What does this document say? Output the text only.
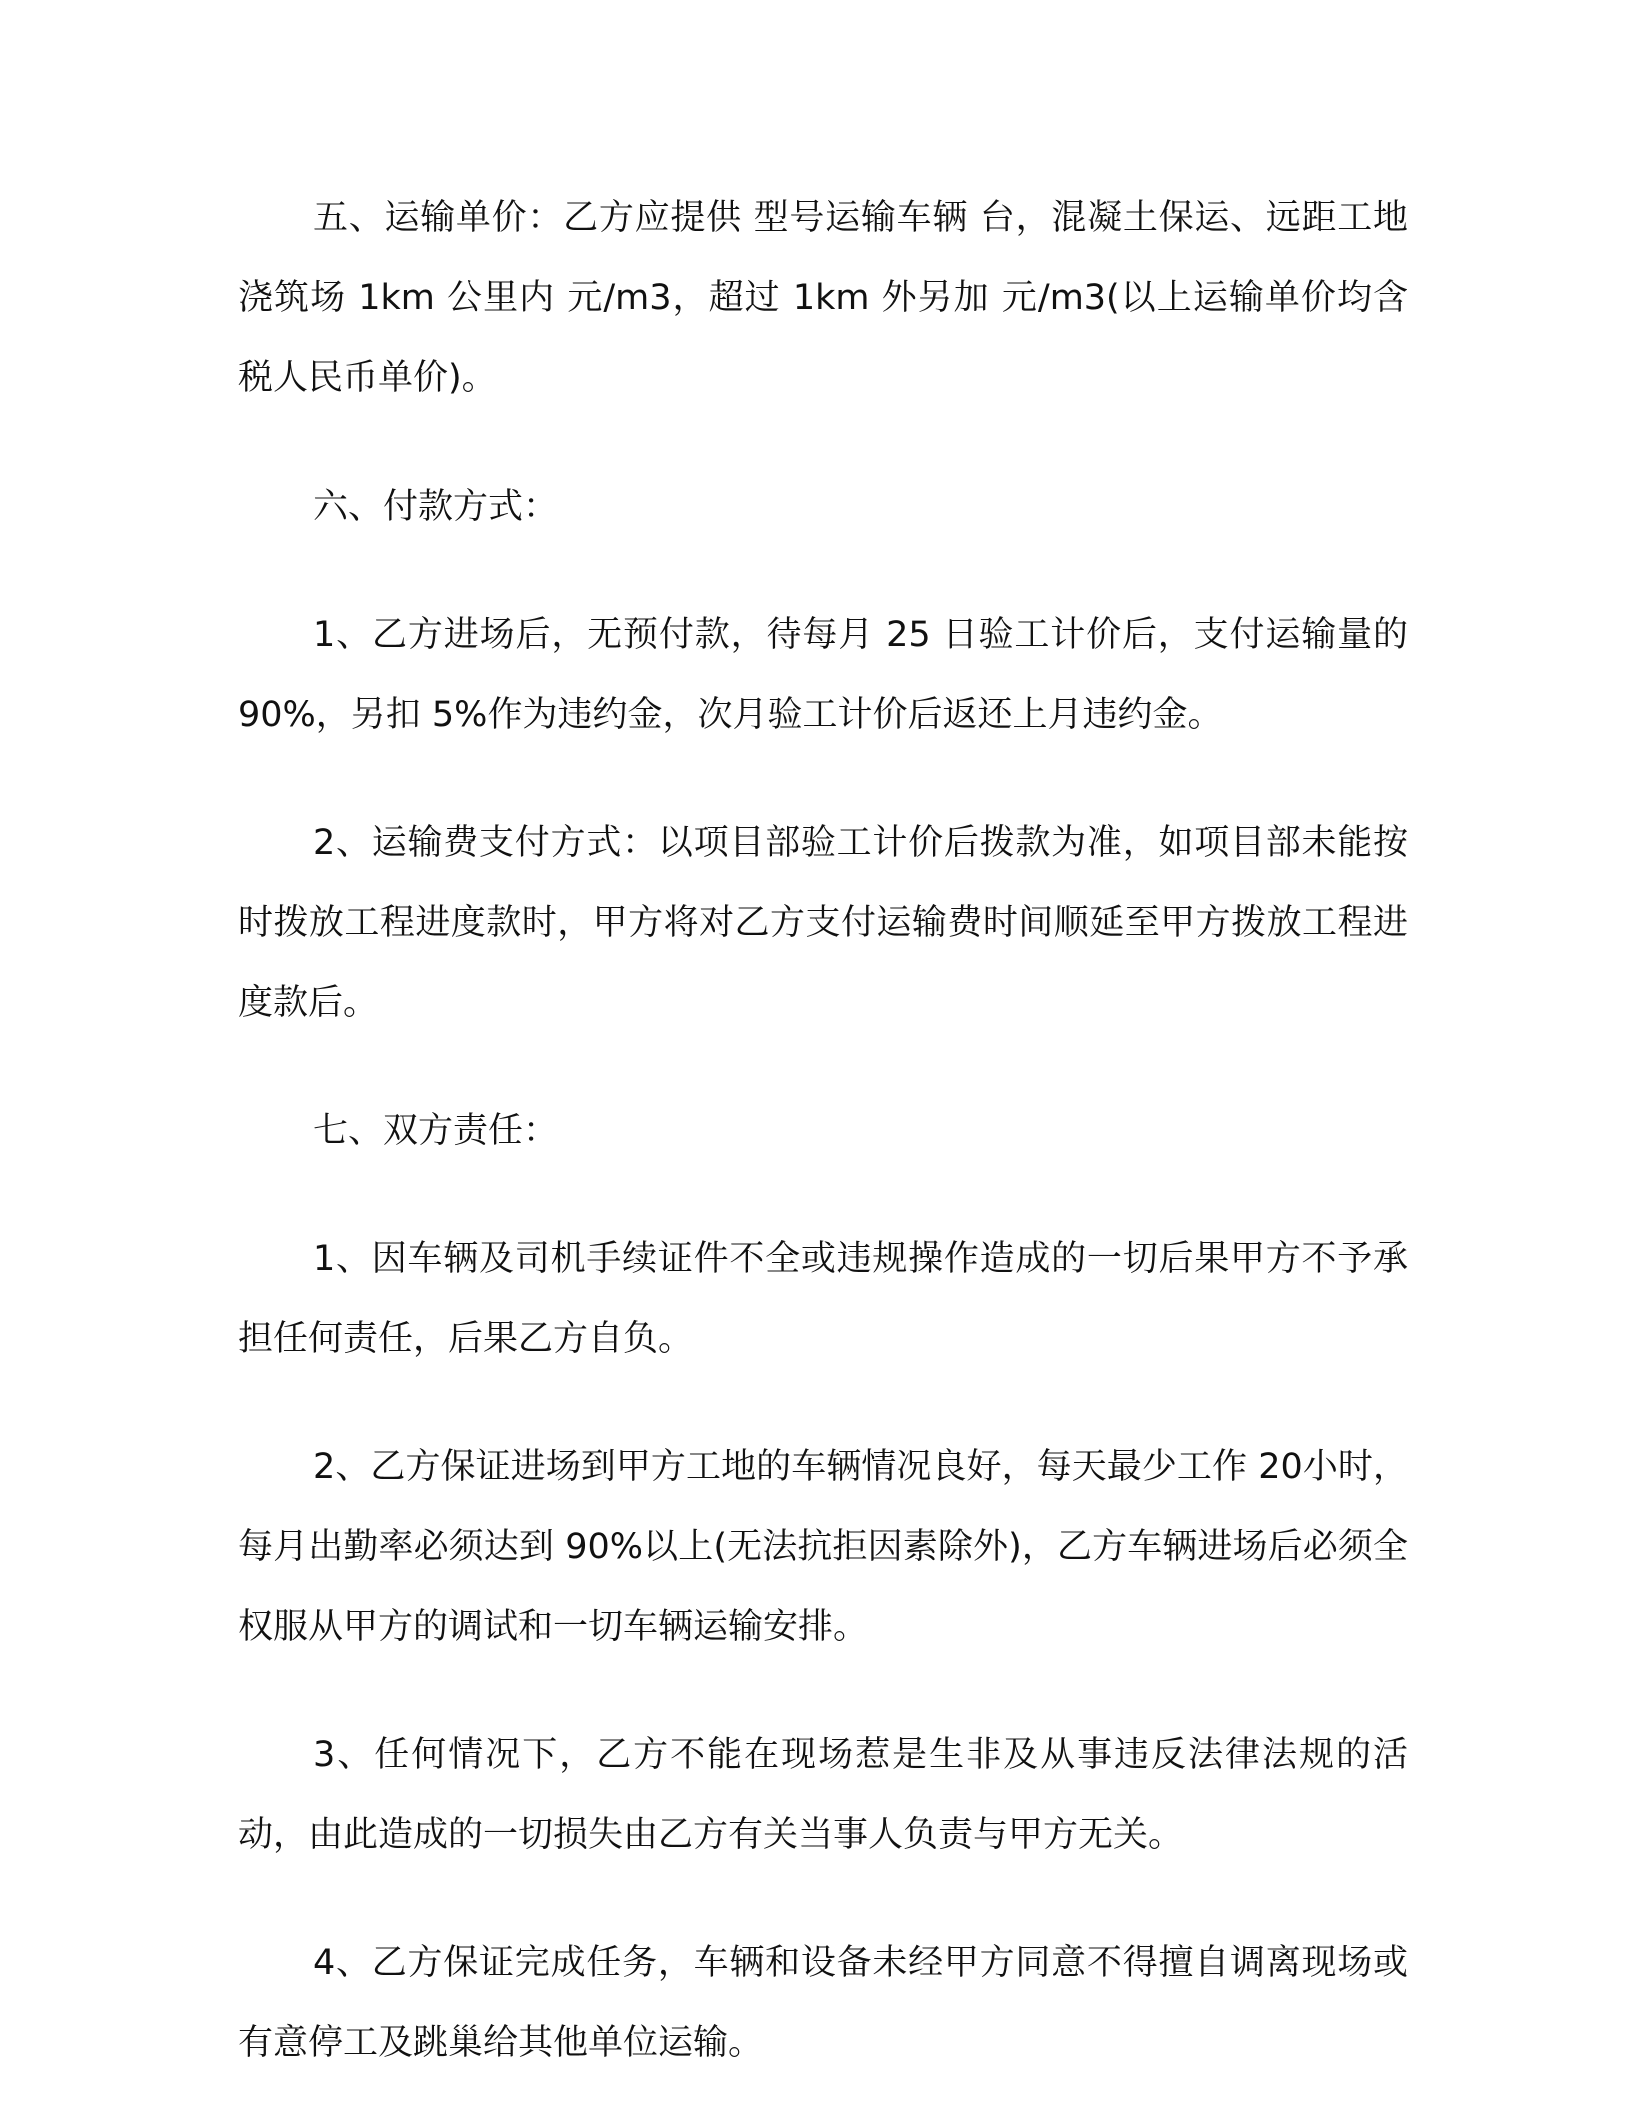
五、运输单价：乙方应提供 型号运输车辆 台，混凝土保运、远距工地浇筑场 1km 公里内 元/m3，超过 1km 外另加 元/m3(以上运输单价均含税人民币单价)。

六、付款方式：

1、乙方进场后，无预付款，待每月 25 日验工计价后，支付运输量的 90%，另扣 5%作为违约金，次月验工计价后返还上月违约金。

2、运输费支付方式：以项目部验工计价后拨款为准，如项目部未能按时拨放工程进度款时，甲方将对乙方支付运输费时间顺延至甲方拨放工程进度款后。

七、双方责任：

1、因车辆及司机手续证件不全或违规操作造成的一切后果甲方不予承担任何责任，后果乙方自负。

2、乙方保证进场到甲方工地的车辆情况良好，每天最少工作 20小时，每月出勤率必须达到 90%以上(无法抗拒因素除外)，乙方车辆进场后必须全权服从甲方的调试和一切车辆运输安排。

3、任何情况下，乙方不能在现场惹是生非及从事违反法律法规的活动，由此造成的一切损失由乙方有关当事人负责与甲方无关。

4、乙方保证完成任务，车辆和设备未经甲方同意不得擅自调离现场或有意停工及跳巢给其他单位运输。
